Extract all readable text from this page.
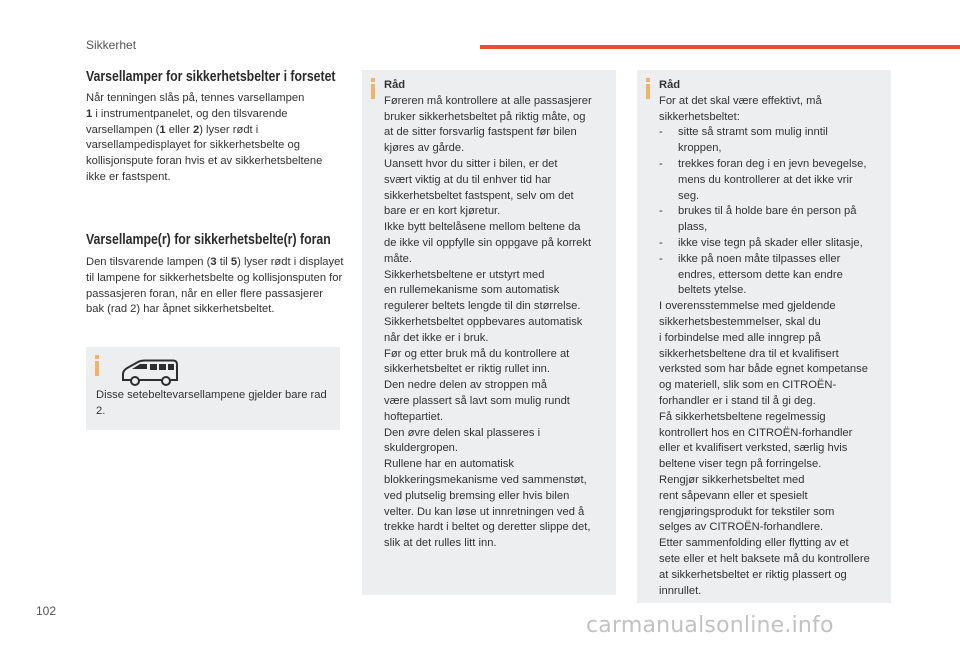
Sikkerhet
Varsellamper for sikkerhetsbelter i forsetet
Når tenningen slås på, tennes varsellampen
1 i instrumentpanelet, og den tilsvarende varsellampen (1 eller 2) lyser rødt i varsellampedisplayet for sikkerhetsbelte og kollisjonspute foran hvis et av sikkerhetsbeltene ikke er fastspent.
Varsellampe(r) for sikkerhetsbelte(r) foran
Den tilsvarende lampen (3 til 5) lyser rødt i displayet til lampene for sikkerhetsbelte og kollisjonsputen for passasjeren foran, når en eller flere passasjerer bak (rad 2) har åpnet sikkerhetsbeltet.
Disse setebeltevarsellampene gjelder bare rad 2.
Råd
Føreren må kontrollere at alle passasjerer
bruker sikkerhetsbeltet på riktig måte, og
at de sitter forsvarlig fastspent før bilen
kjøres av gårde.
Uansett hvor du sitter i bilen, er det
svært viktig at du til enhver tid har
sikkerhetsbeltet fastspent, selv om det
bare er en kort kjøretur.
Ikke bytt beltelåsene mellom beltene da
de ikke vil oppfylle sin oppgave på korrekt
måte.
Sikkerhetsbeltene er utstyrt med
en rullemekanisme som automatisk
regulerer beltets lengde til din størrelse.
Sikkerhetsbeltet oppbevares automatisk
når det ikke er i bruk.
Før og etter bruk må du kontrollere at
sikkerhetsbeltet er riktig rullet inn.
Den nedre delen av stroppen må
være plassert så lavt som mulig rundt
hoftepartiet.
Den øvre delen skal plasseres i
skuldergropen.
Rullene har en automatisk
blokkeringsmekanisme ved sammenstøt,
ved plutselig bremsing eller hvis bilen
velter. Du kan løse ut innretningen ved å
trekke hardt i beltet og deretter slippe det,
slik at det rulles litt inn.
Råd
For at det skal være effektivt, må
sikkerhetsbeltet:
- sitte så stramt som mulig inntil
kroppen,
- trekkes foran deg i en jevn bevegelse,
mens du kontrollerer at det ikke vrir
seg.
- brukes til å holde bare én person på
plass,
- ikke vise tegn på skader eller slitasje,
- ikke på noen måte tilpasses eller
endres, ettersom dette kan endre
beltets ytelse.
I overensstemmelse med gjeldende
sikkerhetsbestemmelser, skal du
i forbindelse med alle inngrep på
sikkerhetsbeltene dra til et kvalifisert
verksted som har både egnet kompetanse
og materiell, slik som en CITROËN-
forhandler er i stand til å gi deg.
Få sikkerhetsbeltene regelmessig
kontrollert hos en CITROËN-forhandler
eller et kvalifisert verksted, særlig hvis
beltene viser tegn på forringelse.
Rengjør sikkerhetsbeltet med
rent såpevann eller et spesielt
rengjøringsprodukt for tekstiler som
selges av CITROËN-forhandlere.
Etter sammenfolding eller flytting av et
sete eller et helt baksete må du kontrollere
at sikkerhetsbeltet er riktig plassert og
innrullet.
102
carmanualsonline.info
